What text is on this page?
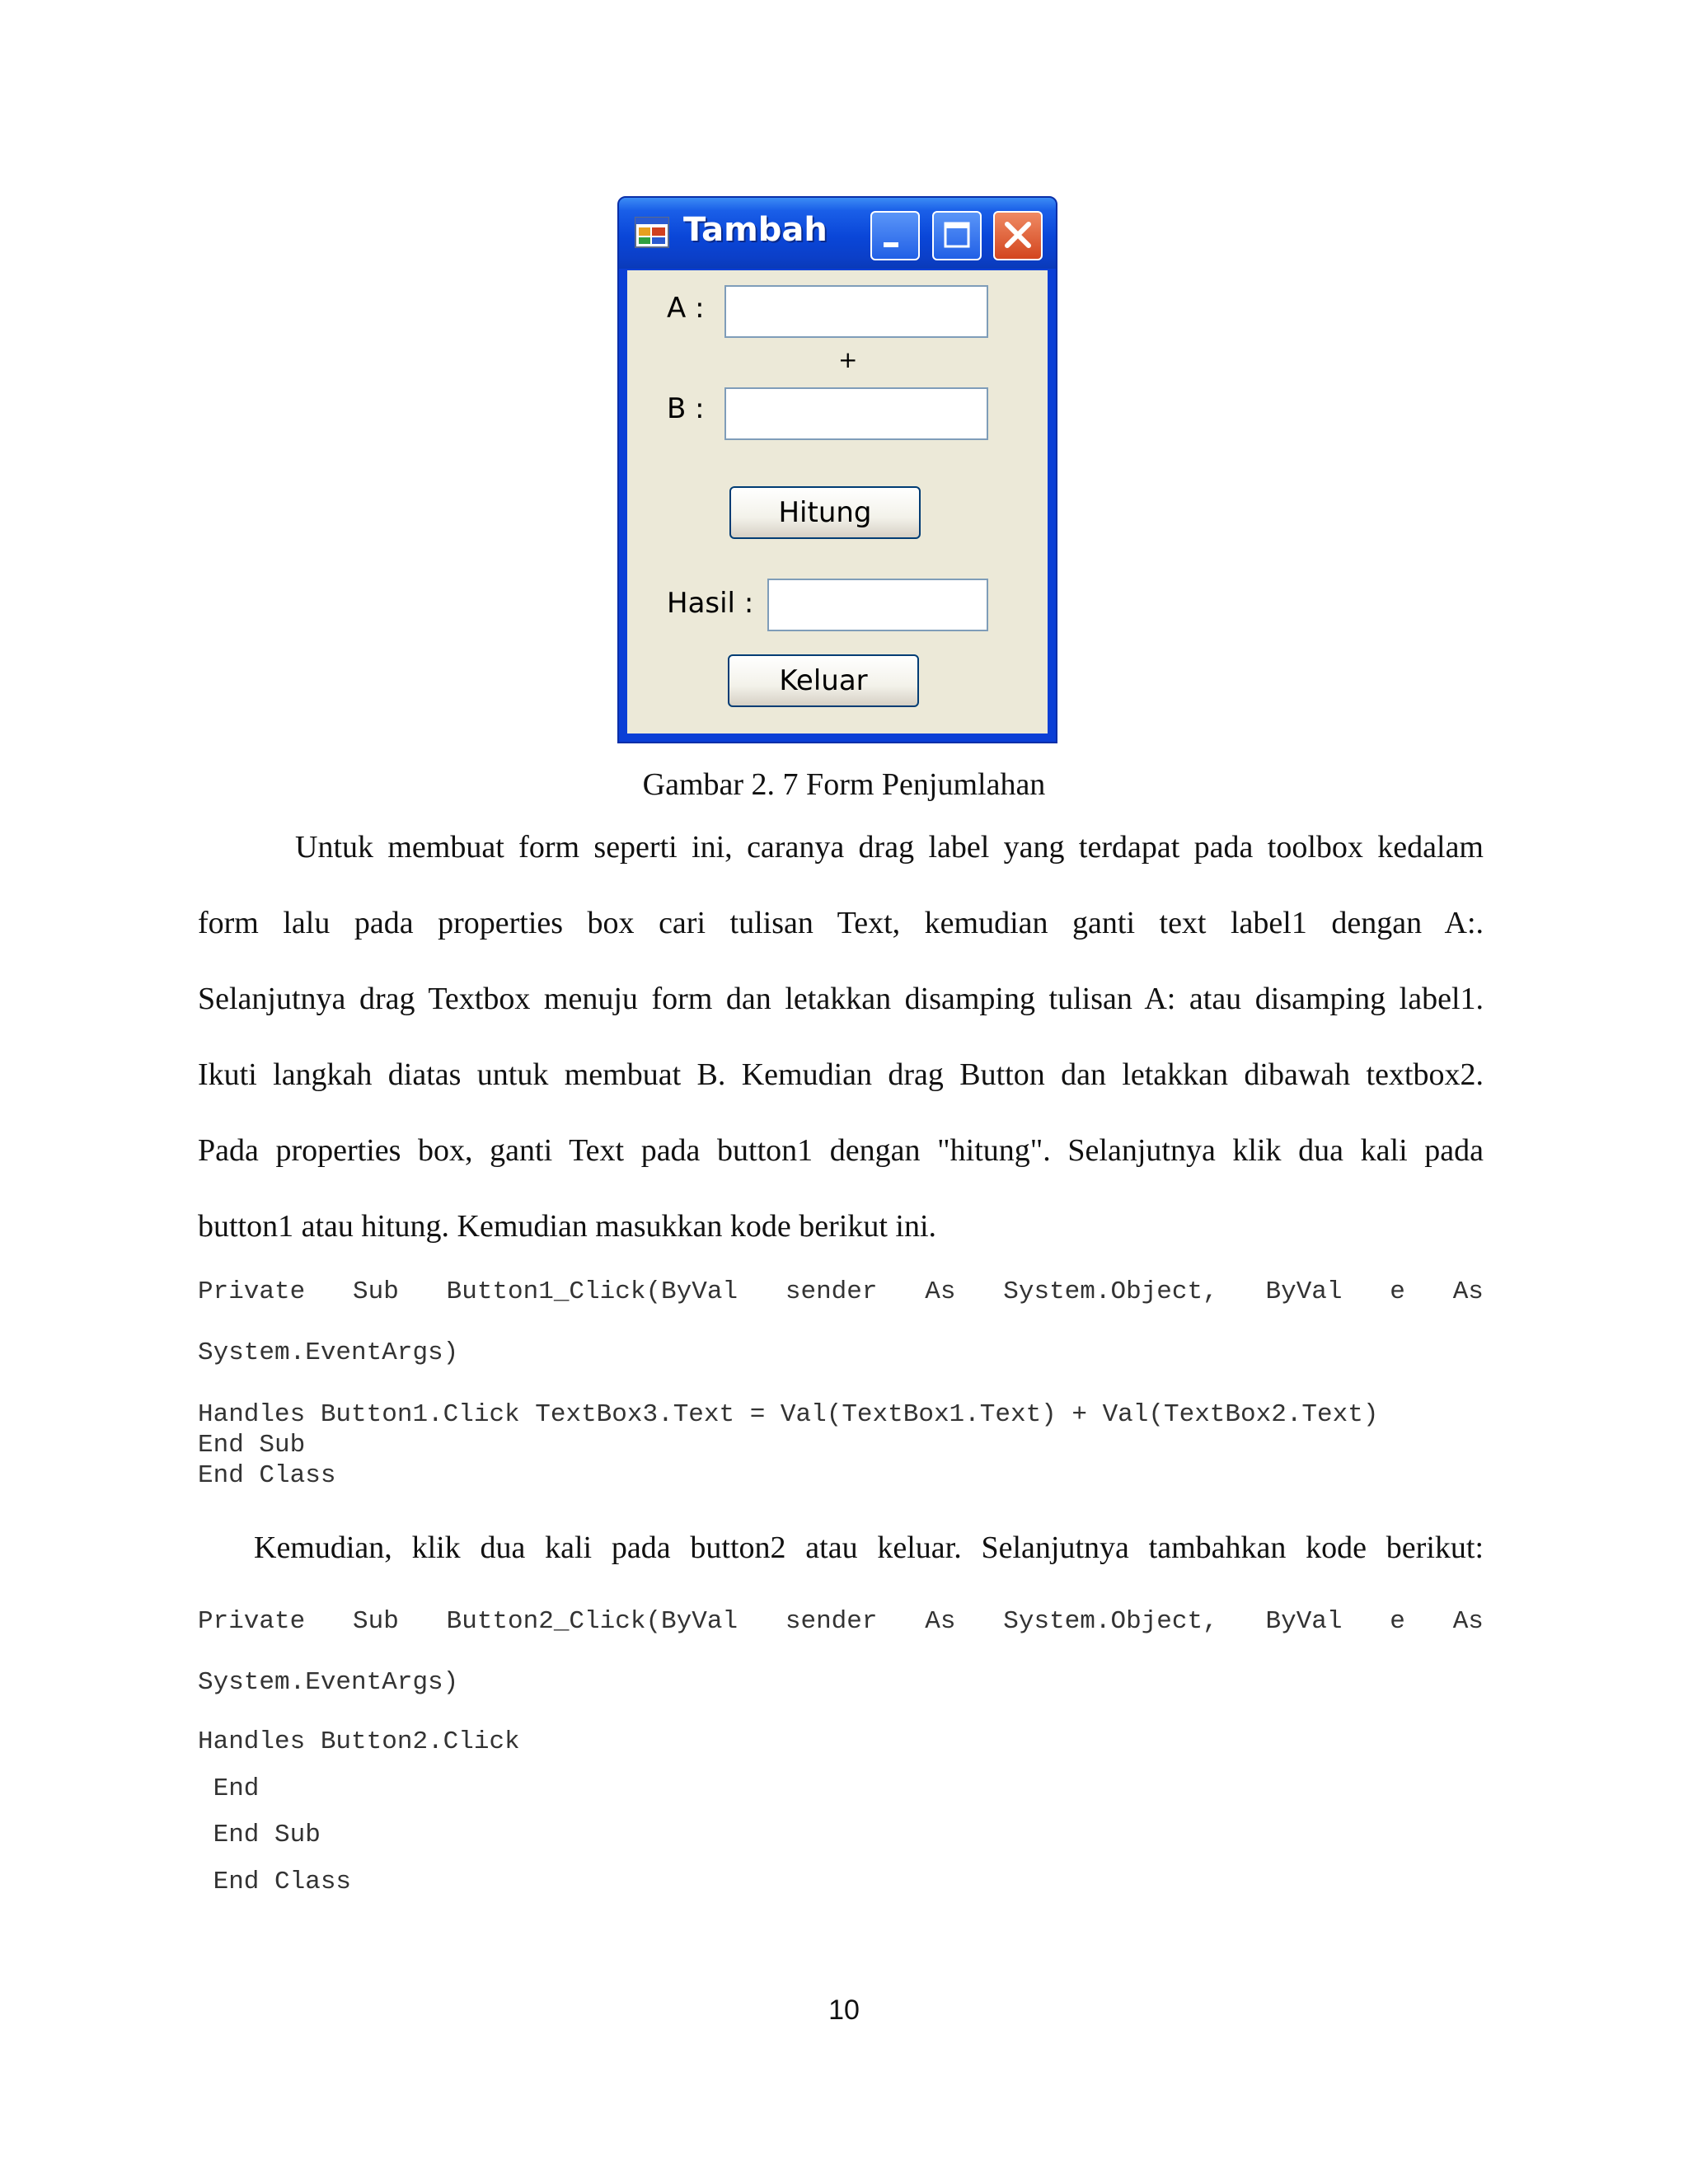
Tambah
A :
+
B :
Hitung
Hasil :
Keluar
Gambar 2. 7 Form Penjumlahan
Untuk membuat form seperti ini, caranya drag label yang terdapat pada toolbox kedalam
form lalu pada properties box cari tulisan Text, kemudian ganti text label1 dengan A:.
Selanjutnya drag Textbox menuju form dan letakkan disamping tulisan A: atau disamping label1.
Ikuti langkah diatas untuk membuat B. Kemudian drag Button dan letakkan dibawah textbox2.
Pada properties box, ganti Text pada button1 dengan "hitung". Selanjutnya klik dua kali pada
button1 atau hitung. Kemudian masukkan kode berikut ini.
Private Sub Button1_Click(ByVal sender As System.Object, ByVal e As
System.EventArgs)
Handles Button1.Click TextBox3.Text = Val(TextBox1.Text) + Val(TextBox2.Text)
End Sub
End Class
Kemudian, klik dua kali pada button2 atau keluar. Selanjutnya tambahkan kode berikut:
Private Sub Button2_Click(ByVal sender As System.Object, ByVal e As
System.EventArgs)
Handles Button2.Click
End
End Sub
End Class
10
